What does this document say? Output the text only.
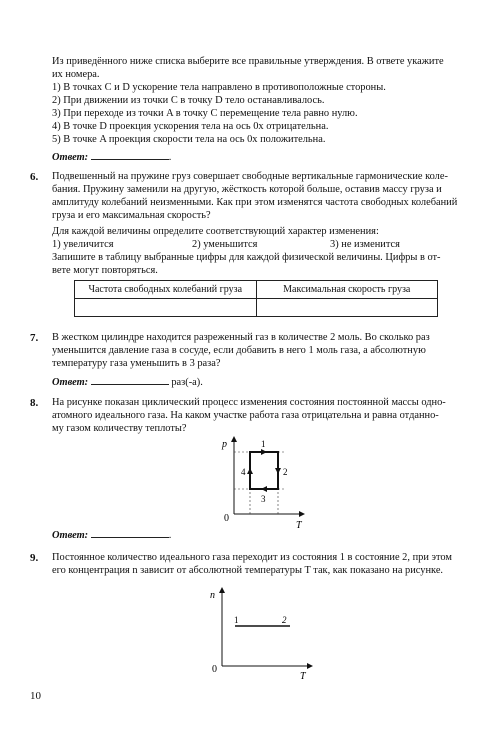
Из приведённого ниже списка выберите все правильные утверждения. В ответе укажите
их номера.
1) В точках C и D ускорение тела направлено в противоположные стороны.
2) При движении из точки C в точку D тело останавливалось.
3) При переходе из точки A в точку C перемещение тела равно нулю.
4) В точке D проекция ускорения тела на ось 0x отрицательна.
5) В точке A проекция скорости тела на ось 0x положительна.
Ответ:	.
6. Подвешенный на пружине груз совершает свободные вертикальные гармонические коле-
бания. Пружину заменили на другую, жёсткость которой больше, оставив массу груза и
амплитуду колебаний неизменными. Как при этом изменятся частота свободных колебаний
груза и его максимальная скорость?
Для каждой величины определите соответствующий характер изменения:
1) увеличится	2) уменьшится	3) не изменится
Запишите в таблицу выбранные цифры для каждой физической величины. Цифры в от-
вете могут повторяться.
Частота свободных колебаний груза	Максимальная скорость груза

7. В жестком цилиндре находится разреженный газ в количестве 2 моль. Во сколько раз
уменьшится давление газа в сосуде, если добавить в него 1 моль газа, а абсолютную
температуру газа уменьшить в 3 раза?
Ответ:	раз(-а).
8. На рисунке показан циклический процесс изменения состояния постоянной массы одно-
атомного идеального газа. На каком участке работа газа отрицательна и равна отданно-
му газом количеству теплоты?
p
T
0
1
2
3
4
Ответ:	.
9. Постоянное количество идеального газа переходит из состояния 1 в состояние 2, при этом
его концентрация n зависит от абсолютной температуры T так, как показано на рисунке.
n
T
0
1	2
10
